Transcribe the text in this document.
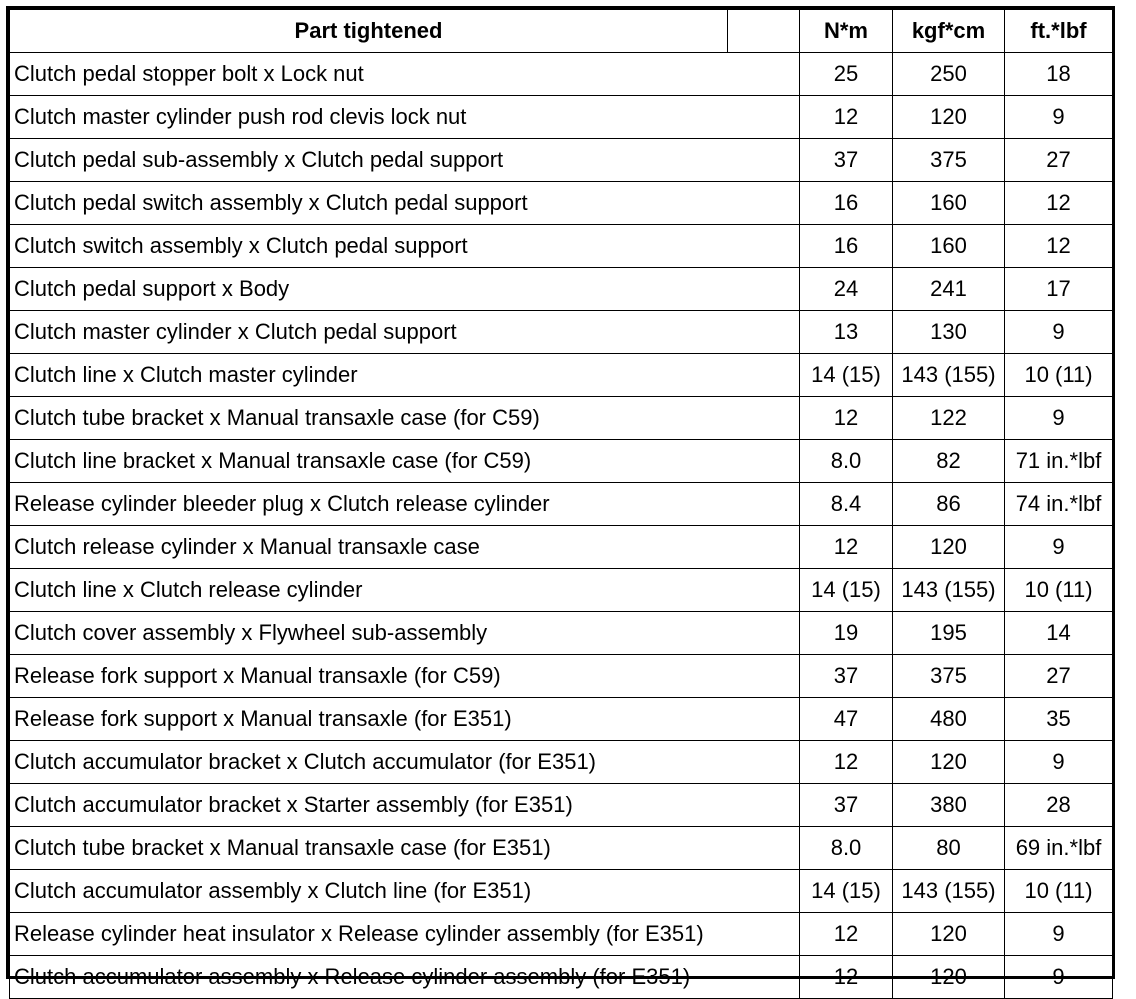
Part tightened		N*m	kgf*cm	ft.*lbf
Clutch pedal stopper bolt x Lock nut		25	250	18
Clutch master cylinder push rod clevis lock nut		12	120	9
Clutch pedal sub-assembly x Clutch pedal support		37	375	27
Clutch pedal switch assembly x Clutch pedal support		16	160	12
Clutch switch assembly x Clutch pedal support		16	160	12
Clutch pedal support x Body		24	241	17
Clutch master cylinder x Clutch pedal support		13	130	9
Clutch line x Clutch master cylinder		14 (15)	143 (155)	10 (11)
Clutch tube bracket x Manual transaxle case (for C59)		12	122	9
Clutch line bracket x Manual transaxle case (for C59)		8.0	82	71 in.*lbf
Release cylinder bleeder plug x Clutch release cylinder		8.4	86	74 in.*lbf
Clutch release cylinder x Manual transaxle case		12	120	9
Clutch line x Clutch release cylinder		14 (15)	143 (155)	10 (11)
Clutch cover assembly x Flywheel sub-assembly		19	195	14
Release fork support x Manual transaxle (for C59)		37	375	27
Release fork support x Manual transaxle (for E351)		47	480	35
Clutch accumulator bracket x Clutch accumulator (for E351)		12	120	9
Clutch accumulator bracket x Starter assembly (for E351)		37	380	28
Clutch tube bracket x Manual transaxle case (for E351)		8.0	80	69 in.*lbf
Clutch accumulator assembly x Clutch line (for E351)		14 (15)	143 (155)	10 (11)
Release cylinder heat insulator x Release cylinder assembly (for E351)		12	120	9
Clutch accumulator assembly x Release cylinder assembly (for E351)		12	120	9
